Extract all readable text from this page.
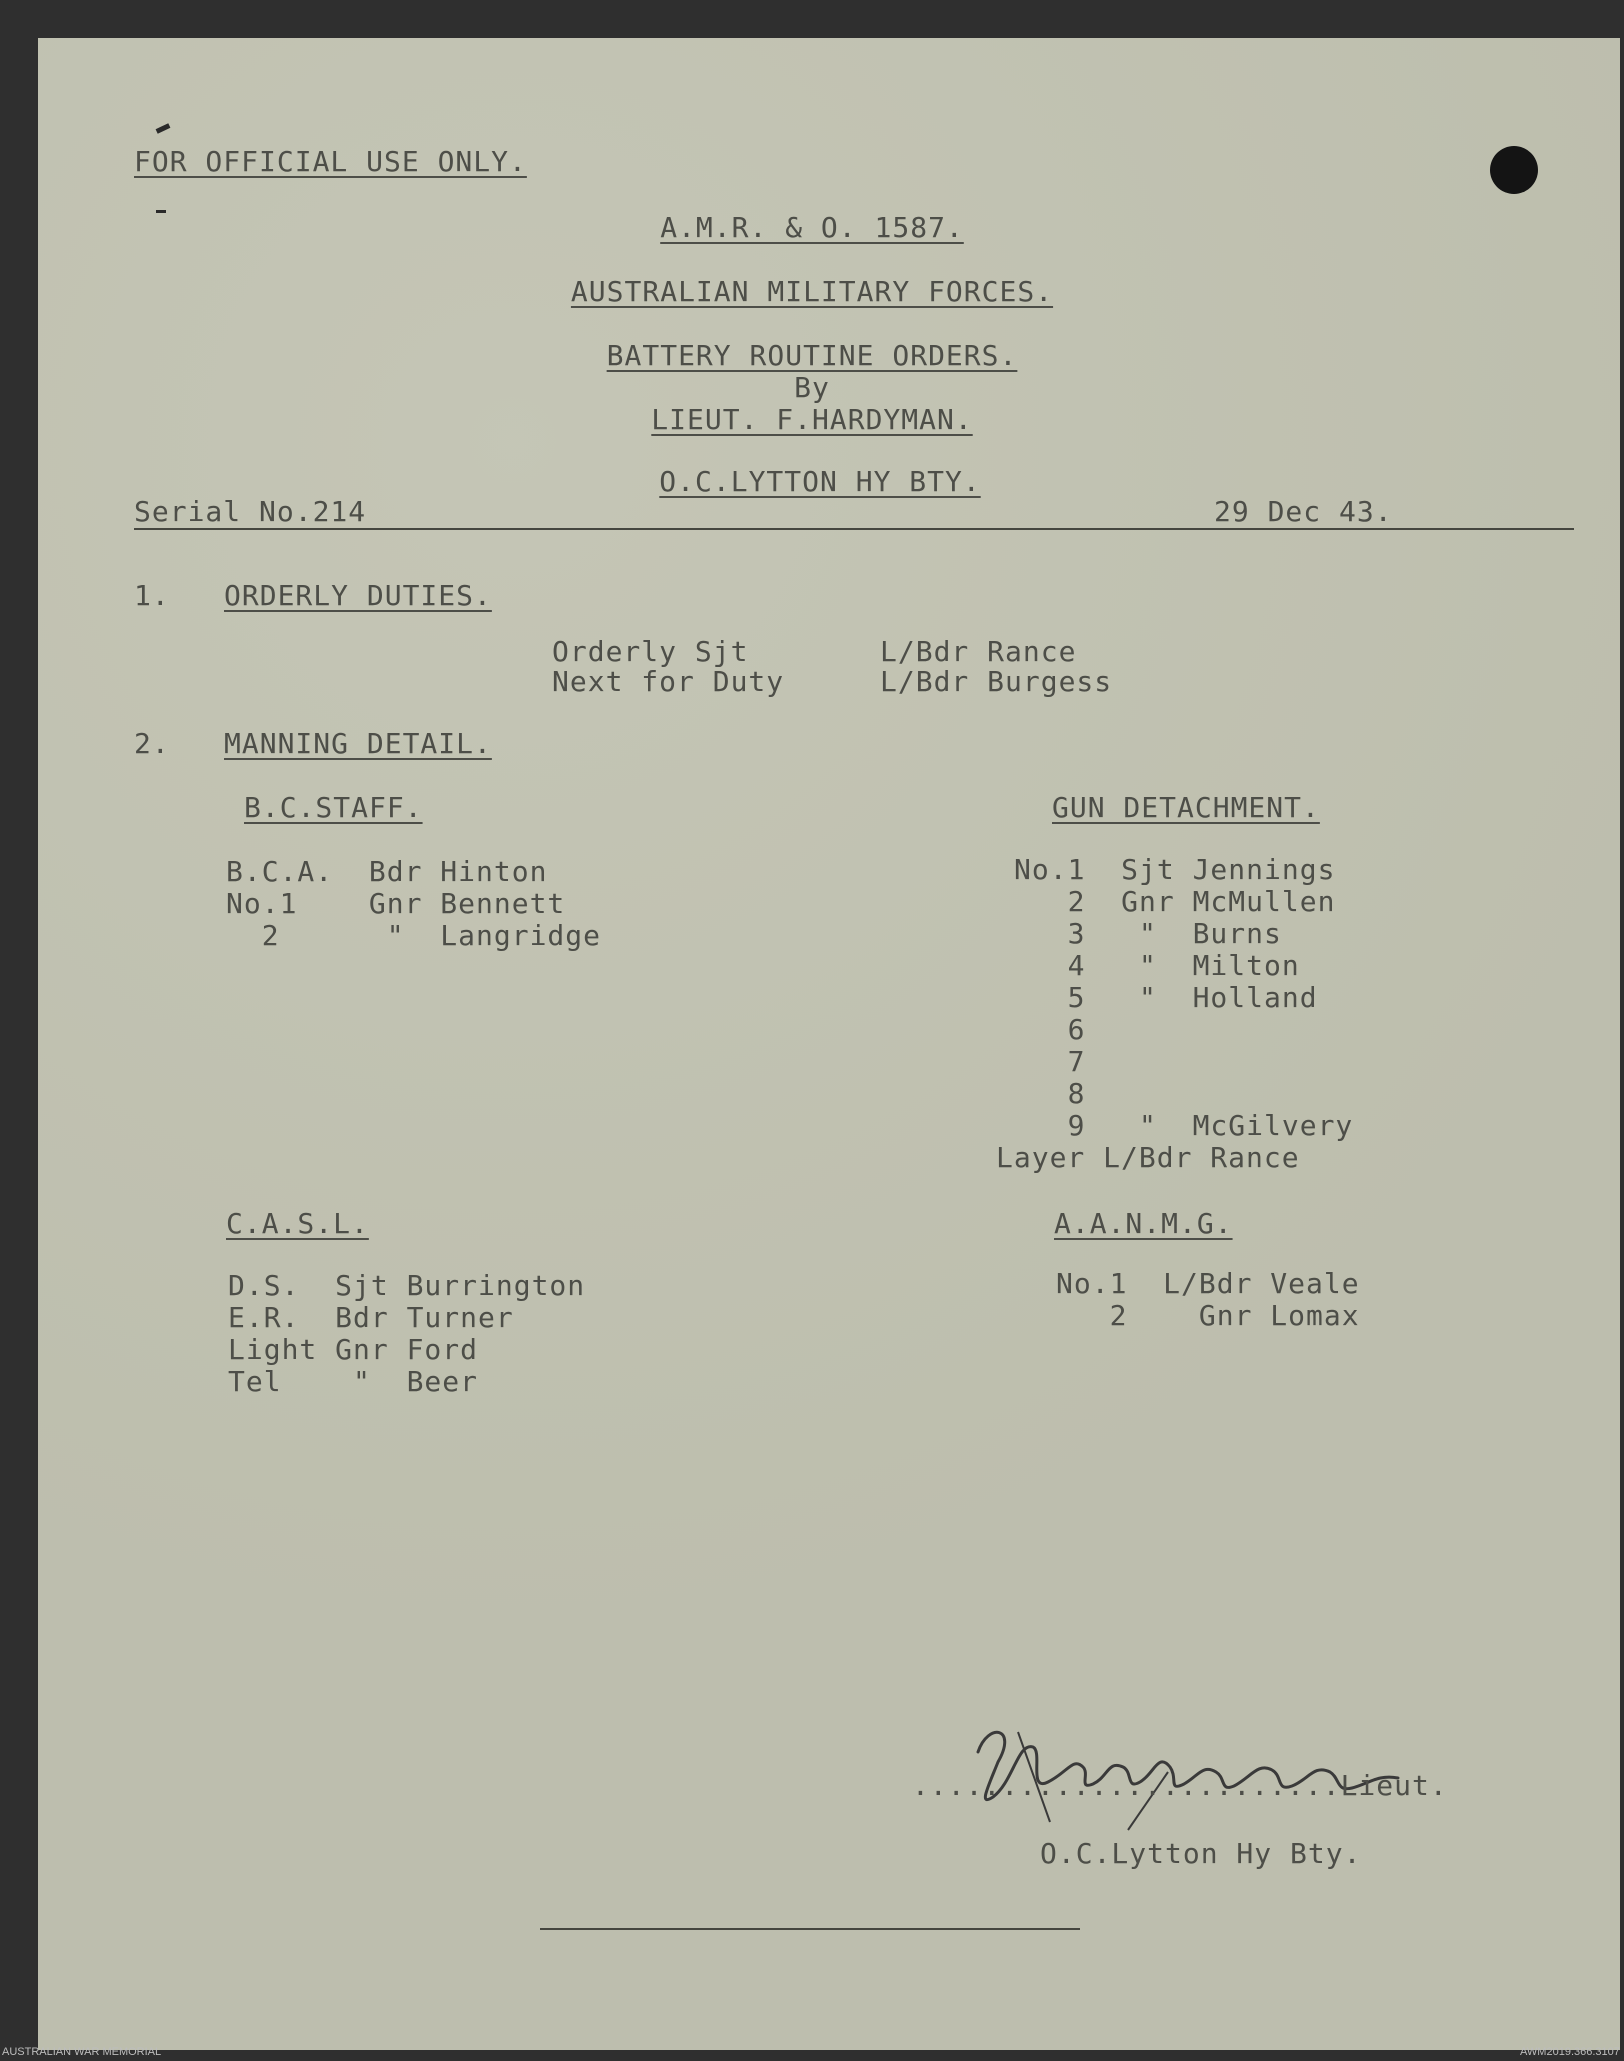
FOR OFFICIAL USE ONLY.
A.M.R. & O. 1587.
AUSTRALIAN MILITARY FORCES.
BATTERY ROUTINE ORDERS.
By
LIEUT. F.HARDYMAN.
O.C.LYTTON HY BTY.
Serial No.214	29 Dec 43.
1. ORDERLY DUTIES.
Orderly Sjt	L/Bdr Rance
Next for Duty	L/Bdr Burgess
2. MANNING DETAIL.
B.C.STAFF.
B.C.A.  Bdr Hinton
No.1    Gnr Bennett
2      "  Langridge
GUN DETACHMENT.
No.1  Sjt Jennings
2  Gnr McMullen
3   "  Burns
4   "  Milton
5   "  Holland
6
7
8
9   "  McGilvery
Layer L/Bdr Rance
C.A.S.L.
D.S.  Sjt Burrington
E.R.  Bdr Turner
Light Gnr Ford
Tel    "  Beer
A.A.N.M.G.
No.1  L/Bdr Veale
2    Gnr Lomax
........................Lieut.
O.C.Lytton Hy Bty.
AUSTRALIAN WAR MEMORIAL	AWM2019.366.3107
